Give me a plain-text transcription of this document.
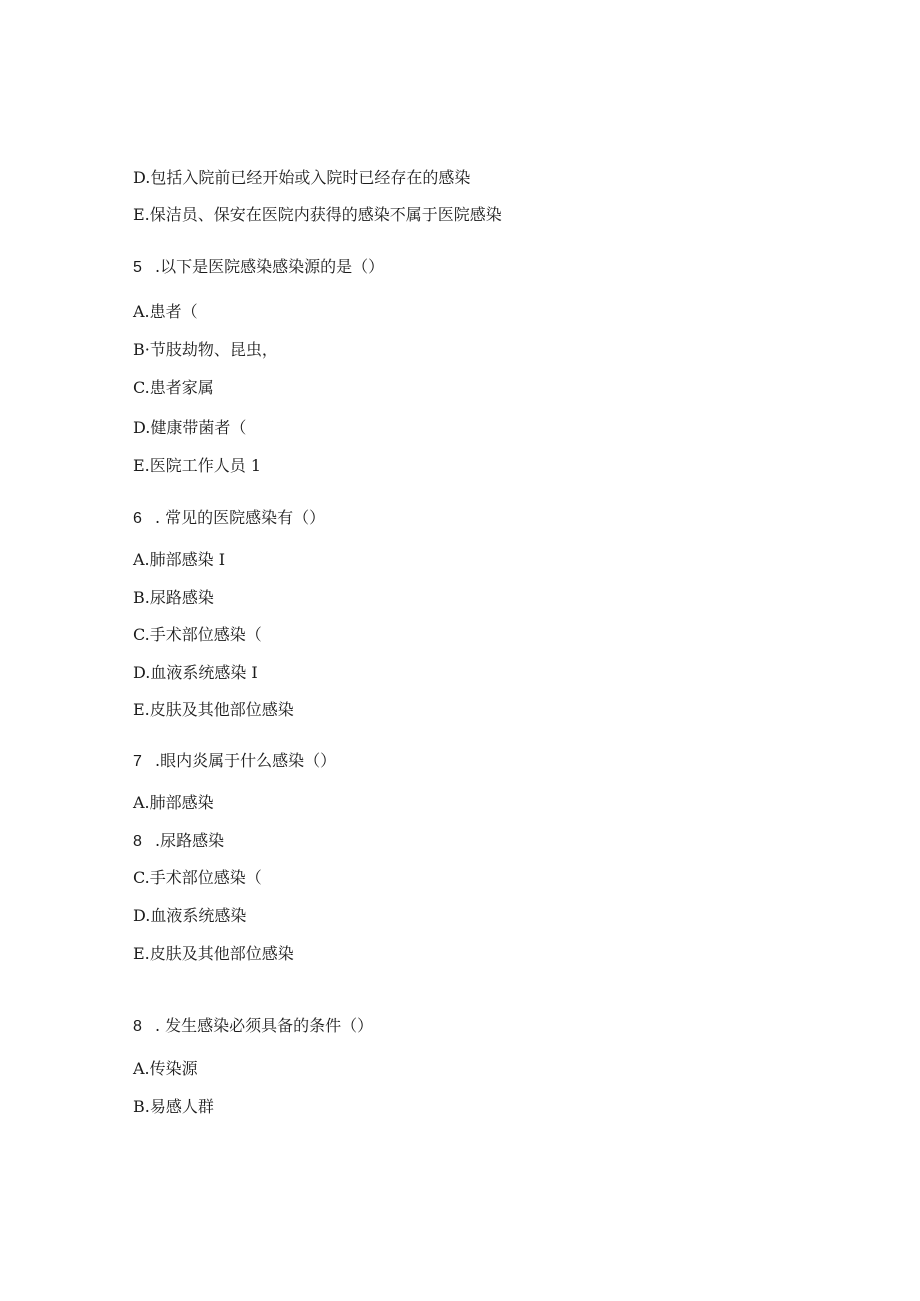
D.包括入院前已经开始或入院时已经存在的感染
E.保洁员、保安在医院内获得的感染不属于医院感染
5 .以下是医院感染感染源的是（）
A.患者（
B·节肢劫物、昆虫，
C.患者家属
D.健康带菌者（
E.医院工作人员 1
6 . 常见的医院感染有（）
A.肺部感染 I
B.尿路感染
C.手术部位感染（
D.血液系统感染 I
E.皮肤及其他部位感染
7 .眼内炎属于什么感染（）
A.肺部感染
8 .尿路感染
C.手术部位感染（
D.血液系统感染
E.皮肤及其他部位感染
8 . 发生感染必须具备的条件（）
A.传染源
B.易感人群
